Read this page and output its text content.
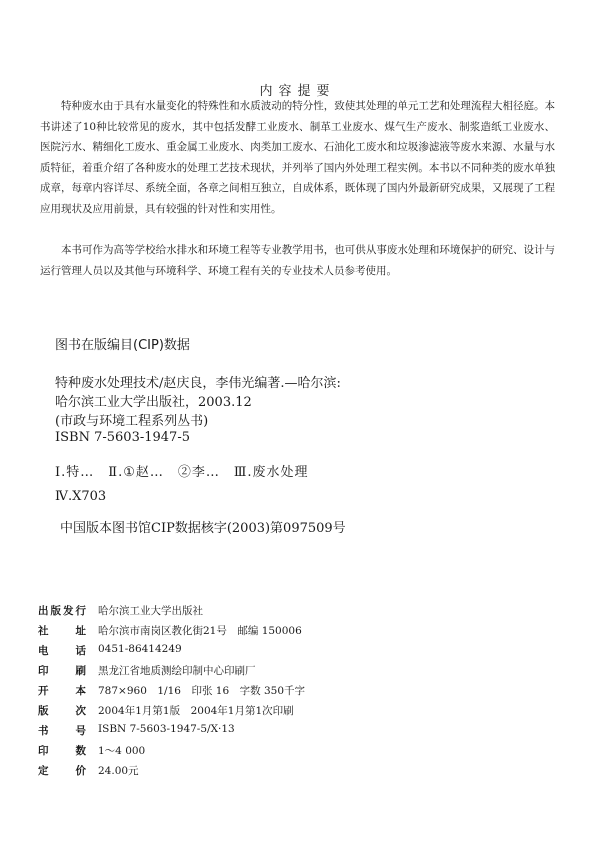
内容提要

特种废水由于具有水量变化的特殊性和水质波动的特分性，致使其处理的单元工艺和处理流程大相径庭。本书讲述了10种比较常见的废水，其中包括发酵工业废水、制革工业废水、煤气生产废水、制浆造纸工业废水、医院污水、精细化工废水、重金属工业废水、肉类加工废水、石油化工废水和垃圾渗滤液等废水来源、水量与水质特征，着重介绍了各种废水的处理工艺技术现状，并列举了国内外处理工程实例。本书以不同种类的废水单独成章，每章内容详尽、系统全面，各章之间相互独立，自成体系，既体现了国内外最新研究成果，又展现了工程应用现状及应用前景，具有较强的针对性和实用性。

本书可作为高等学校给水排水和环境工程等专业教学用书，也可供从事废水处理和环境保护的研究、设计与运行管理人员以及其他与环境科学、环境工程有关的专业技术人员参考使用。

图书在版编目(CIP)数据
特种废水处理技术/赵庆良，李伟光编著.—哈尔滨:
哈尔滨工业大学出版社，2003.12
(市政与环境工程系列丛书)
ISBN 7-5603-1947-5
Ⅰ.特…　Ⅱ.①赵…　②李…　Ⅲ.废水处理
Ⅳ.X703
中国版本图书馆CIP数据核字(2003)第097509号
出版发行 哈尔滨工业大学出版社
社址 哈尔滨市南岗区教化街21号　邮编 150006
电话 0451-86414249
印刷 黑龙江省地质测绘印制中心印刷厂
开本 787×960　1/16　印张 16　字数 350千字
版次 2004年1月第1版　2004年1月第1次印刷
书号 ISBN 7-5603-1947-5/X·13
印数 1～4 000
定价 24.00元
